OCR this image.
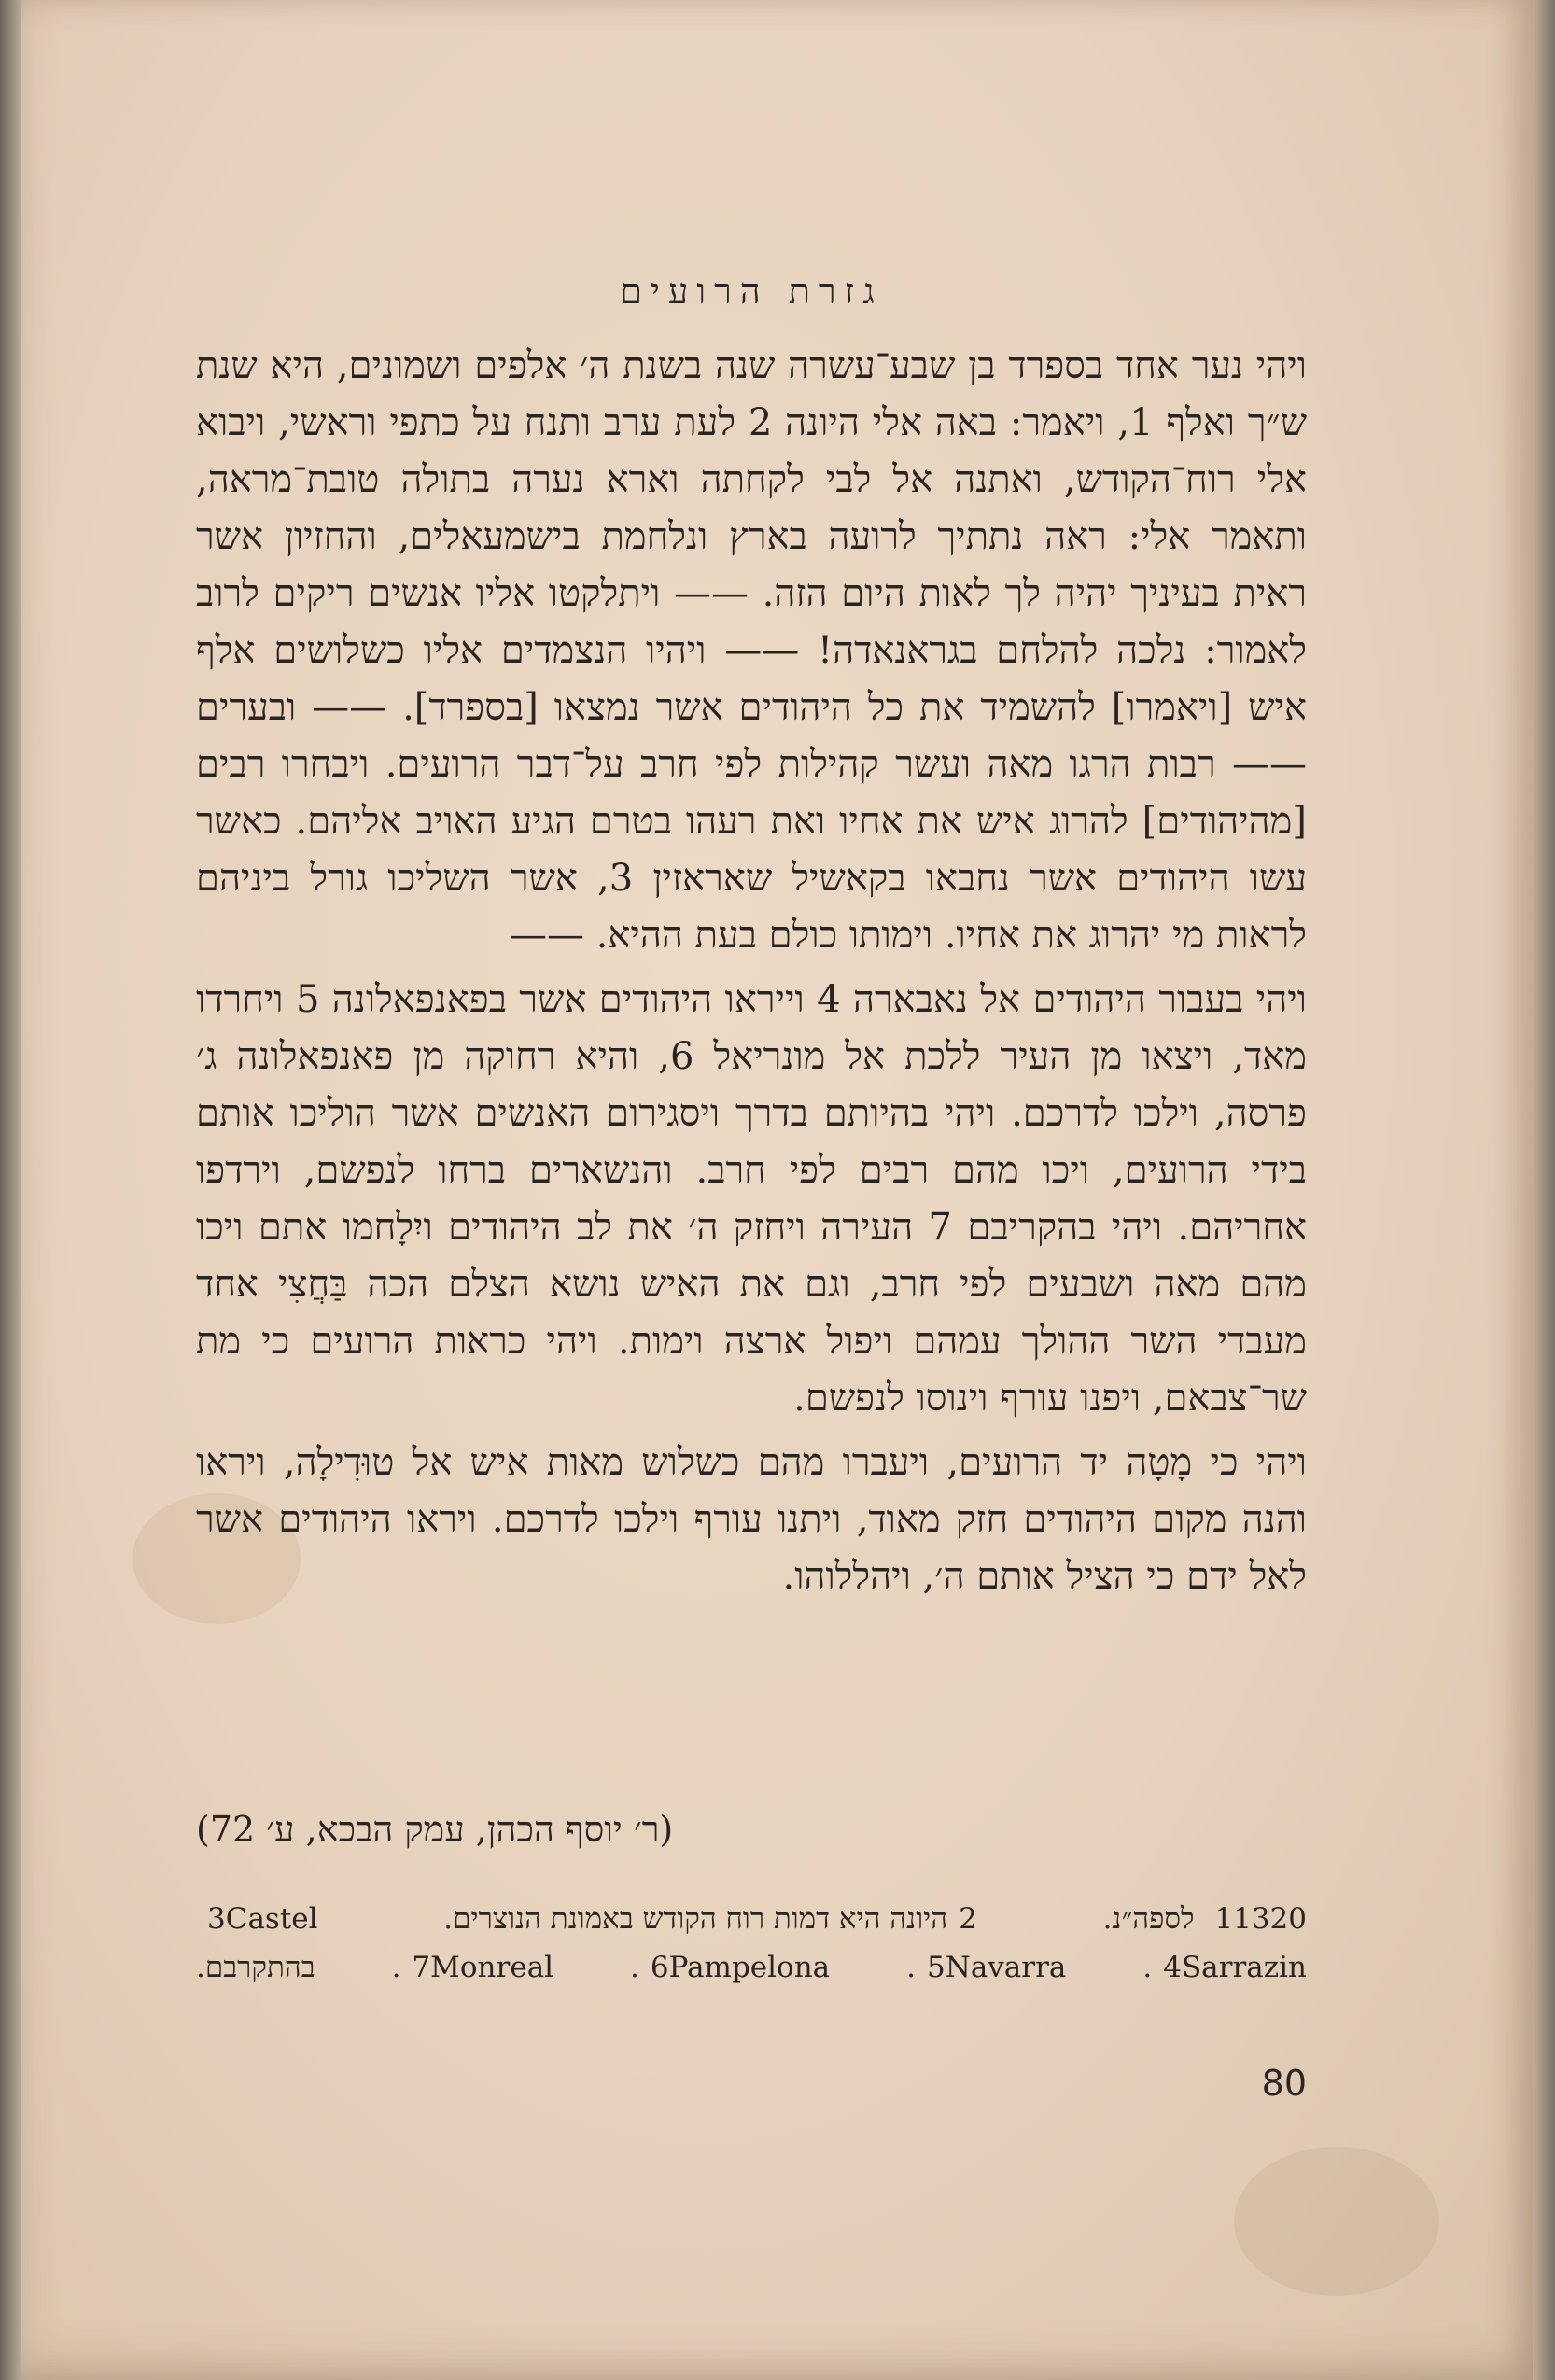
גזרת הרועים

ויהי נער אחד בספרד בן שבע־עשרה שנה בשנת ה׳ אלפים ושמונים, היא שנת ש״ך ואלף 1, ויאמר: באה אלי היונה 2 לעת ערב ותנח על כתפי וראשי, ויבוא אלי רוח־הקודש, ואתנה אל לבי לקחתה וארא נערה בתולה טובת־מראה, ותאמר אלי: ראה נתתיך לרועה בארץ ונלחמת בישמעאלים, והחזיון אשר ראית בעיניך יהיה לך לאות היום הזה. —— ויתלקטו אליו אנשים ריקים לרוב לאמור: נלכה להלחם בגראנאדה! —— ויהיו הנצמדים אליו כשלושים אלף איש [ויאמרו] להשמיד את כל היהודים אשר נמצאו [בספרד]. —— ובערים —— רבות הרגו מאה ועשר קהילות לפי חרב על־דבר הרועים. ויבחרו רבים [מהיהודים] להרוג איש את אחיו ואת רעהו בטרם הגיע האויב אליהם. כאשר עשו היהודים אשר נחבאו בקאשיל שאראזין 3, אשר השליכו גורל ביניהם לראות מי יהרוג את אחיו. וימותו כולם בעת ההיא. ——

ויהי בעבור היהודים אל נאבארה 4 וייראו היהודים אשר בפאנפאלונה 5 ויחרדו מאד, ויצאו מן העיר ללכת אל מונריאל 6, והיא רחוקה מן פאנפאלונה ג׳ פרסה, וילכו לדרכם. ויהי בהיותם בדרך ויסגירום האנשים אשר הוליכו אותם בידי הרועים, ויכו מהם רבים לפי חרב. והנשארים ברחו לנפשם, וירדפו אחריהם. ויהי בהקריבם 7 העירה ויחזק ה׳ את לב היהודים ויִלָחמו אתם ויכו מהם מאה ושבעים לפי חרב, וגם את האיש נושא הצלם הכה בַּחֲצִי אחד מעבדי השר ההולך עמהם ויפול ארצה וימות. ויהי כראות הרועים כי מת שר־צבאם, ויפנו עורף וינוסו לנפשם.

ויהי כי מָטָה יד הרועים, ויעברו מהם כשלוש מאות איש אל טוּדִילָה, ויראו והנה מקום היהודים חזק מאוד, ויתנו עורף וילכו לדרכם. ויראו היהודים אשר לאל ידם כי הציל אותם ה׳, ויהללוהו.

(ר׳ יוסף הכהן, עמק הבכא, ע׳ 72)
11320 לספה״נ.
2היונה היא דמות רוח הקודש באמונת הנוצרים.
3Castel
4Sarrazin.
5Navarra.
6Pampelona.
7Monreal.
בהתקרבם.
80
